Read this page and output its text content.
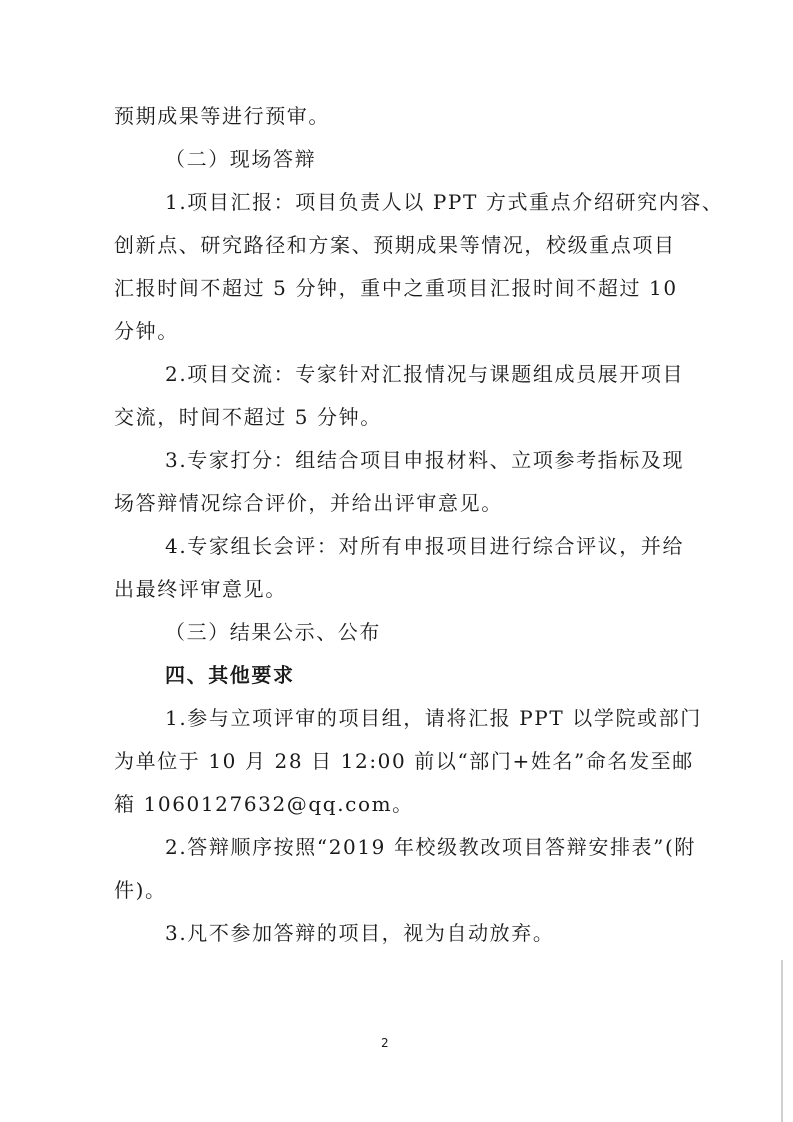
预期成果等进行预审。
（二）现场答辩
1.项目汇报：项目负责人以 PPT 方式重点介绍研究内容、
创新点、研究路径和方案、预期成果等情况，校级重点项目
汇报时间不超过 5 分钟，重中之重项目汇报时间不超过 10
分钟。
2.项目交流：专家针对汇报情况与课题组成员展开项目
交流，时间不超过 5 分钟。
3.专家打分：组结合项目申报材料、立项参考指标及现
场答辩情况综合评价，并给出评审意见。
4.专家组长会评：对所有申报项目进行综合评议，并给
出最终评审意见。
（三）结果公示、公布
四、其他要求
1.参与立项评审的项目组，请将汇报 PPT 以学院或部门
为单位于 10 月 28 日 12:00 前以“部门+姓名”命名发至邮
箱 1060127632@qq.com。
2.答辩顺序按照“2019 年校级教改项目答辩安排表”(附
件)。
3.凡不参加答辩的项目，视为自动放弃。
2
